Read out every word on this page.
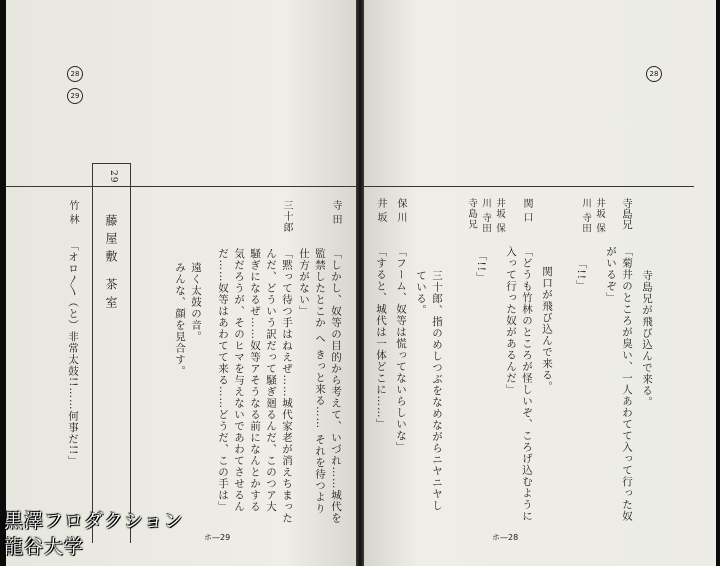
28
29
29
藤屋敷 茶室	寺田
「しかし、奴等の目的から考えて、いづれ……城代を
監禁したとこか へ きっと来る…… それを待つより
仕方がない」
三十郎
「黙って待つ手はねえぜ……城代家老が消えちまった
んだ、どういう訳だって騒ぎ廻るんだ、このつア大
騒ぎになるぜ……奴等アそうなる前になんとかする
気だろうが、そのヒマを与えないであわてさせるん
だ……奴等はあわてて来る……どうだ、この手は」
遠く太鼓の音。
みんな、顔を見合す。
竹林
「オロ〳〵（と）非常太鼓!!……何事だ!!」
ホ—29
28
寺島兄が飛び込んで来る。
寺島兄
「菊井のところが臭い、一人あわてて入って行った奴
がいるぞ」
井坂 保川 寺田
「!!」
関口が飛び込んで来る。
関口
「どうも竹林のところが怪しいぞ、ころげ込むように
入って行った奴があるんだ」
井坂 保川 寺田 寺島兄
「!!」
三十郎、指のめしつぶをなめながらニヤニヤし
ている。
保川
「フーム、奴等は慌ってないらしいな」
井坂
「すると、城代は一体どこに……」
ホ—28
黒澤フロダクション
龍谷大学
